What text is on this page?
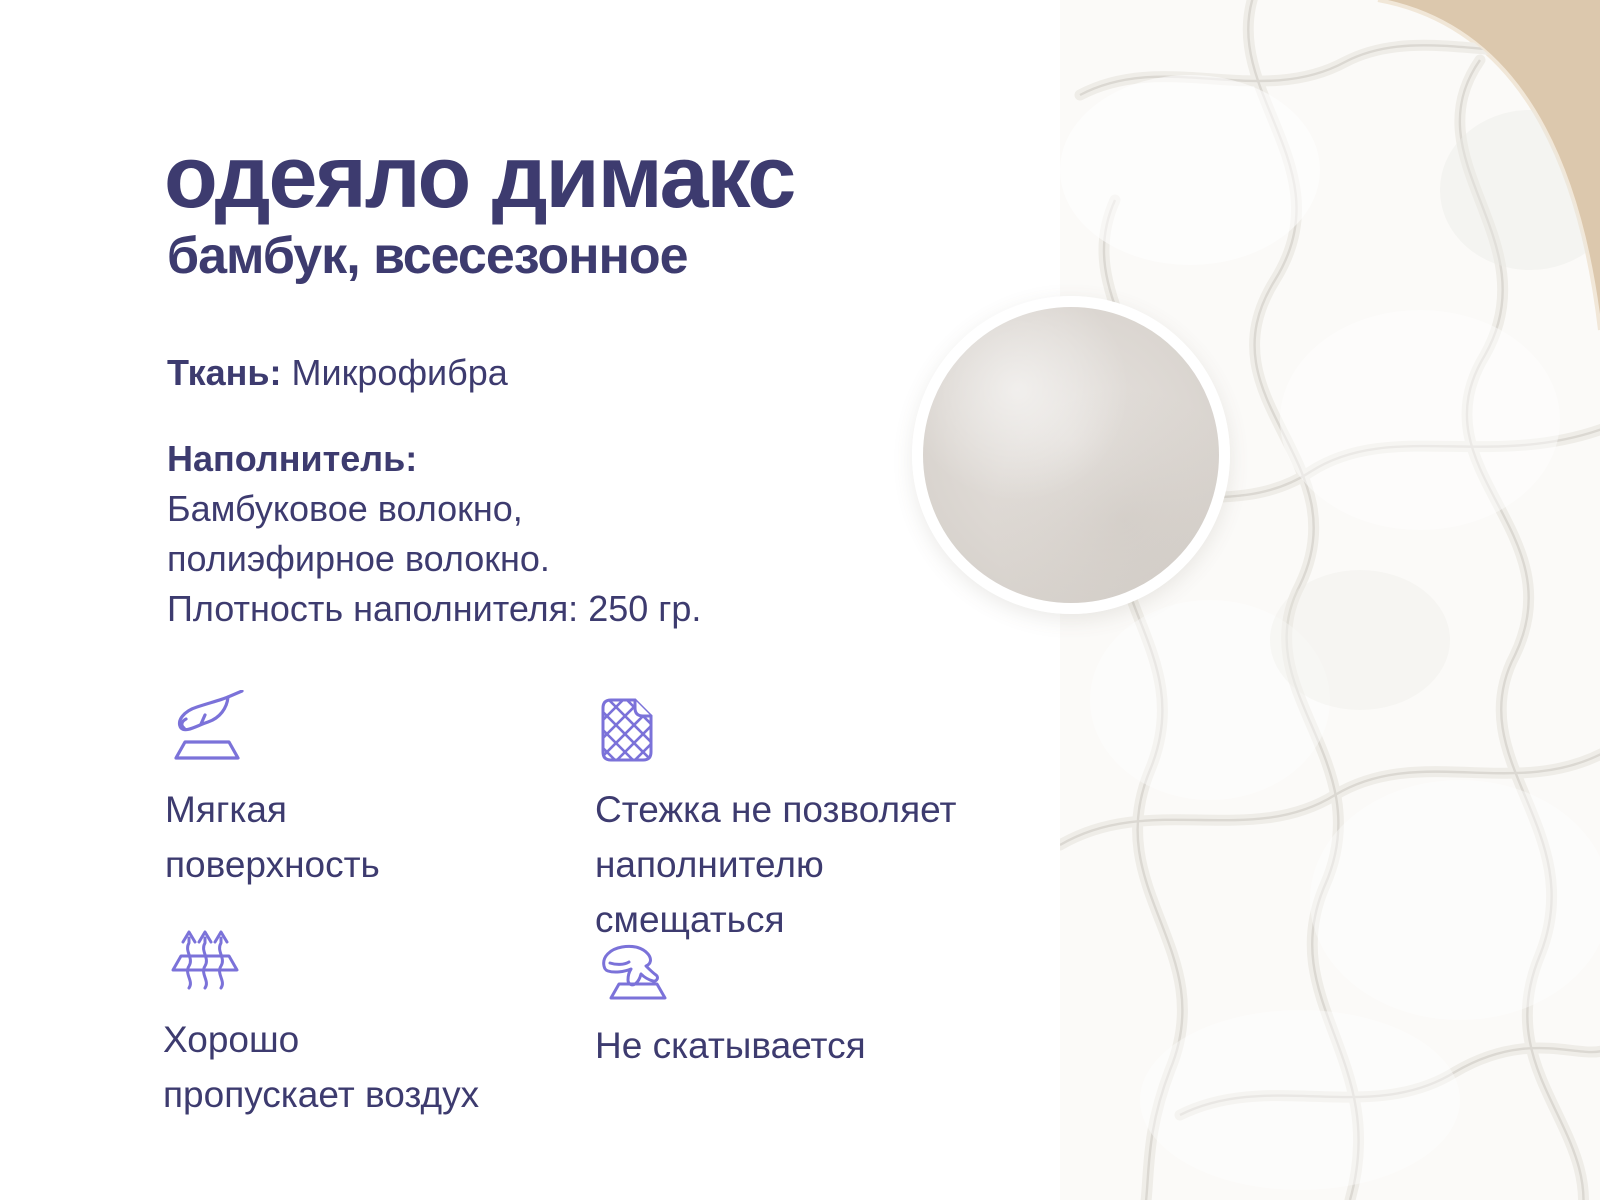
одеяло димакс
бамбук, всесезонное
Ткань: Микрофибра
Наполнитель:
Бамбуковое волокно,
полиэфирное волокно.
Плотность наполнителя: 250 гр.
Мягкая
поверхность
Стежка не позволяет
наполнителю
смещаться
Хорошо
пропускает воздух
Не скатывается
